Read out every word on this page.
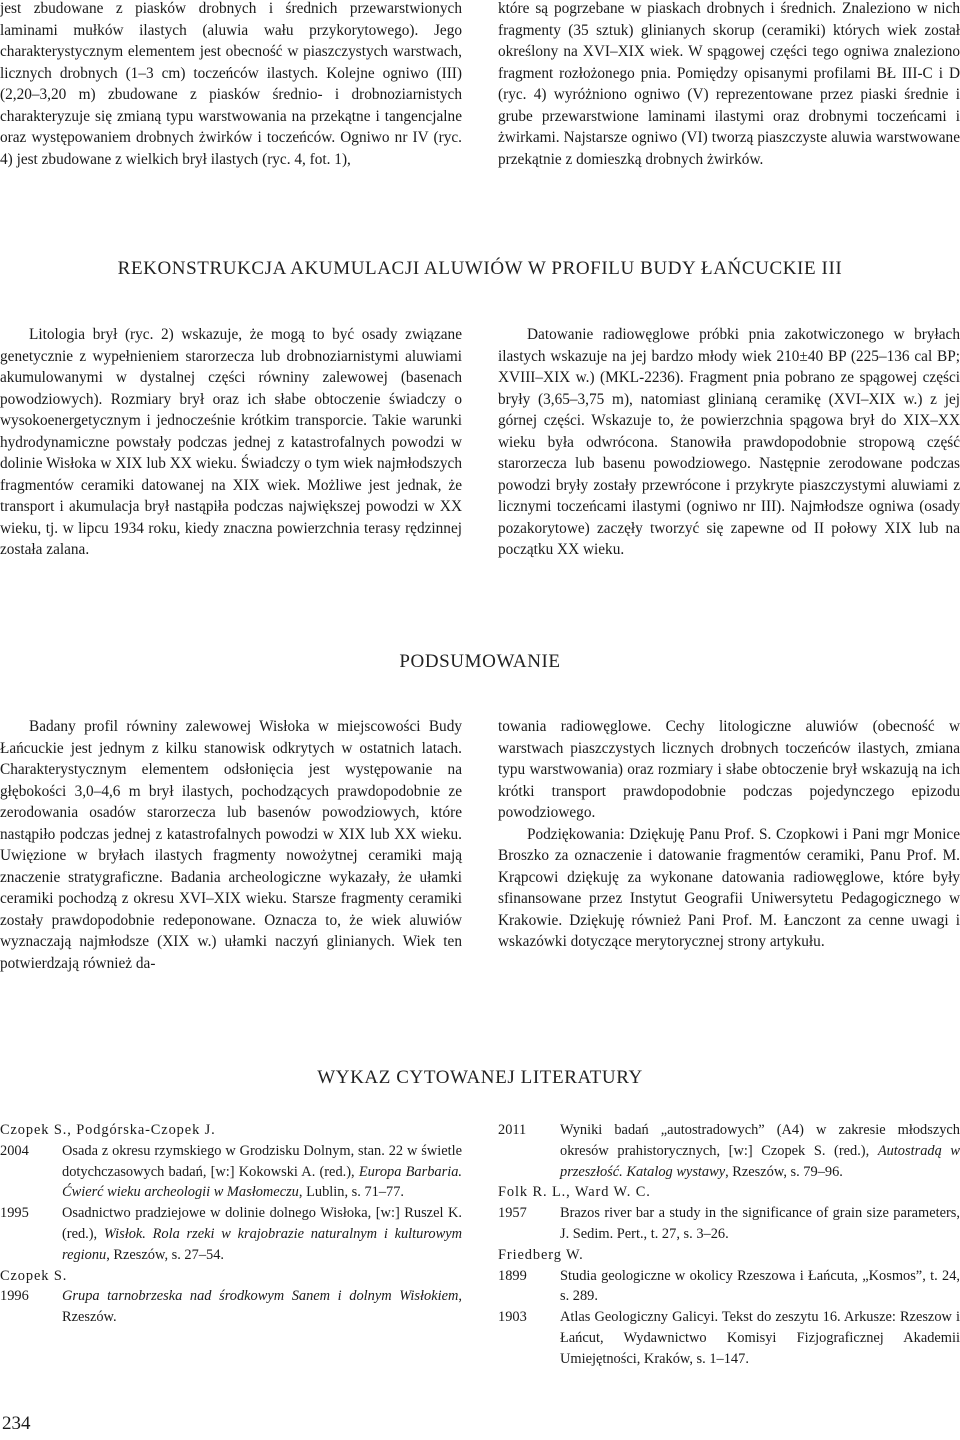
jest zbudowane z piasków drobnych i średnich przewarstwionych laminami mułków ilastych (aluwia wału przykorytowego). Jego charakterystycznym elementem jest obecność w piaszczystych warstwach, licznych drobnych (1–3 cm) toczeńców ilastych. Kolejne ogniwo (III) (2,20–3,20 m) zbudowane z piasków średnio- i drobnoziarnistych charakteryzuje się zmianą typu warstwowania na przekątne i tangencjalne oraz występowaniem drobnych żwirków i toczeńców. Ogniwo nr IV (ryc. 4) jest zbudowane z wielkich brył ilastych (ryc. 4, fot. 1),

które są pogrzebane w piaskach drobnych i średnich. Znaleziono w nich fragmenty (35 sztuk) glinianych skorup (ceramiki) których wiek został określony na XVI–XIX wiek. W spągowej części tego ogniwa znaleziono fragment rozłożonego pnia. Pomiędzy opisanymi profilami BŁ III-C i D (ryc. 4) wyróżniono ogniwo (V) reprezentowane przez piaski średnie i grube przewarstwione laminami ilastymi oraz drobnymi toczeńcami i żwirkami. Najstarsze ogniwo (VI) tworzą piaszczyste aluwia warstwowane przekątnie z domieszką drobnych żwirków.

REKONSTRUKCJA AKUMULACJI ALUWIÓW W PROFILU BUDY ŁAŃCUCKIE III

Litologia brył (ryc. 2) wskazuje, że mogą to być osady związane genetycznie z wypełnieniem starorzecza lub drobnoziarnistymi aluwiami akumulowanymi w dystalnej części równiny zalewowej (basenach powodziowych). Rozmiary brył oraz ich słabe obtoczenie świadczy o wysokoenergetycznym i jednocześnie krótkim transporcie. Takie warunki hydrodynamiczne powstały podczas jednej z katastrofalnych powodzi w dolinie Wisłoka w XIX lub XX wieku. Świadczy o tym wiek najmłodszych fragmentów ceramiki datowanej na XIX wiek. Możliwe jest jednak, że transport i akumulacja brył nastąpiła podczas największej powodzi w XX wieku, tj. w lipcu 1934 roku, kiedy znaczna powierzchnia terasy rędzinnej została zalana.

Datowanie radiowęglowe próbki pnia zakotwiczonego w bryłach ilastych wskazuje na jej bardzo młody wiek 210±40 BP (225–136 cal BP; XVIII–XIX w.) (MKL-2236). Fragment pnia pobrano ze spągowej części bryły (3,65–3,75 m), natomiast glinianą ceramikę (XVI–XIX w.) z jej górnej części. Wskazuje to, że powierzchnia spągowa brył do XIX–XX wieku była odwrócona. Stanowiła prawdopodobnie stropową część starorzecza lub basenu powodziowego. Następnie zerodowane podczas powodzi bryły zostały przewrócone i przykryte piaszczystymi aluwiami z licznymi toczeńcami ilastymi (ogniwo nr III). Najmłodsze ogniwa (osady pozakorytowe) zaczęły tworzyć się zapewne od II połowy XIX lub na początku XX wieku.

PODSUMOWANIE

Badany profil równiny zalewowej Wisłoka w miejscowości Budy Łańcuckie jest jednym z kilku stanowisk odkrytych w ostatnich latach. Charakterystycznym elementem odsłonięcia jest występowanie na głębokości 3,0–4,6 m brył ilastych, pochodzących prawdopodobnie ze zerodowania osadów starorzecza lub basenów powodziowych, które nastąpiło podczas jednej z katastrofalnych powodzi w XIX lub XX wieku. Uwięzione w bryłach ilastych fragmenty nowożytnej ceramiki mają znaczenie stratygraficzne. Badania archeologiczne wykazały, że ułamki ceramiki pochodzą z okresu XVI–XIX wieku. Starsze fragmenty ceramiki zostały prawdopodobnie redeponowane. Oznacza to, że wiek aluwiów wyznaczają najmłodsze (XIX w.) ułamki naczyń glinianych. Wiek ten potwierdzają również da-

towania radiowęglowe. Cechy litologiczne aluwiów (obecność w warstwach piaszczystych licznych drobnych toczeńców ilastych, zmiana typu warstwowania) oraz rozmiary i słabe obtoczenie brył wskazują na ich krótki transport prawdopodobnie podczas pojedynczego epizodu powodziowego.

Podziękowania: Dziękuję Panu Prof. S. Czopkowi i Pani mgr Monice Broszko za oznaczenie i datowanie fragmentów ceramiki, Panu Prof. M. Krąpcowi dziękuję za wykonane datowania radiowęglowe, które były sfinansowane przez Instytut Geografii Uniwersytetu Pedagogicznego w Krakowie. Dziękuję również Pani Prof. M. Łanczont za cenne uwagi i wskazówki dotyczące merytorycznej strony artykułu.

WYKAZ CYTOWANEJ LITERATURY

Czopek S., Podgórska-Czopek J.

2004	Osada z okresu rzymskiego w Grodzisku Dolnym, stan. 22 w świetle dotychczasowych badań, [w:] Kokowski A. (red.), Europa Barbaria. Ćwierć wieku archeologii w Masłomeczu, Lublin, s. 71–77.
1995	Osadnictwo pradziejowe w dolinie dolnego Wisłoka, [w:] Ruszel K. (red.), Wisłok. Rola rzeki w krajobrazie naturalnym i kulturowym regionu, Rzeszów, s. 27–54.

Czopek S.

1996	Grupa tarnobrzeska nad środkowym Sanem i dolnym Wisłokiem, Rzeszów.
2011	Wyniki badań „autostradowych” (A4) w zakresie młodszych okresów prahistorycznych, [w:] Czopek S. (red.), Autostradą w przeszłość. Katalog wystawy, Rzeszów, s. 79–96.

Folk R. L., Ward W. C.

1957	Brazos river bar a study in the significance of grain size parameters, J. Sedim. Pert., t. 27, s. 3–26.

Friedberg W.

1899	Studia geologiczne w okolicy Rzeszowa i Łańcuta, „Kosmos”, t. 24, s. 289.
1903	Atlas Geologiczny Galicyi. Tekst do zeszytu 16. Arkusze: Rzeszow i Łańcut, Wydawnictwo Komisyi Fizjograficznej Akademii Umiejętności, Kraków, s. 1–147.
234
